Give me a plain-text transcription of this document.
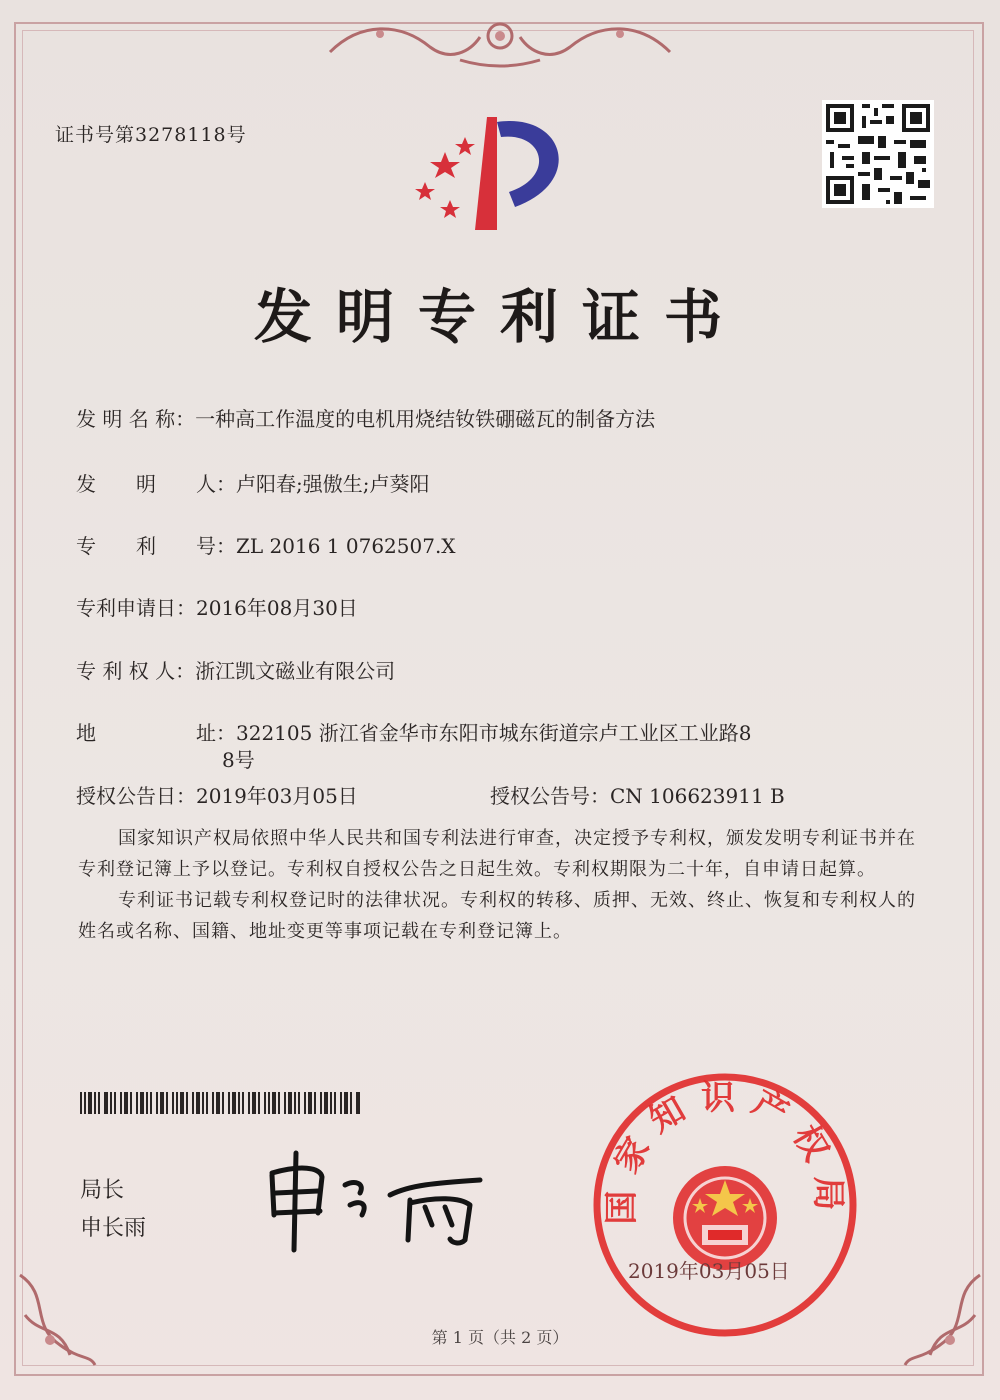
证书号第3278118号
发明专利证书
发 明 名 称：一种高工作温度的电机用烧结钕铁硼磁瓦的制备方法
发　　明　　人：卢阳春;强傲生;卢葵阳
专　　利　　号：ZL 2016 1 0762507.X
专利申请日：2016年08月30日
专 利 权 人：浙江凯文磁业有限公司
地　　　　　址：322105 浙江省金华市东阳市城东街道宗卢工业区工业路8
8号
授权公告日：2019年03月05日	授权公告号：CN 106623911 B

国家知识产权局依照中华人民共和国专利法进行审查，决定授予专利权，颁发发明专利证书并在专利登记簿上予以登记。专利权自授权公告之日起生效。专利权期限为二十年，自申请日起算。

专利证书记载专利权登记时的法律状况。专利权的转移、质押、无效、终止、恢复和专利权人的姓名或名称、国籍、地址变更等事项记载在专利登记簿上。

局长
申长雨
国家知识产权局
2019年03月05日
第 1 页（共 2 页）
